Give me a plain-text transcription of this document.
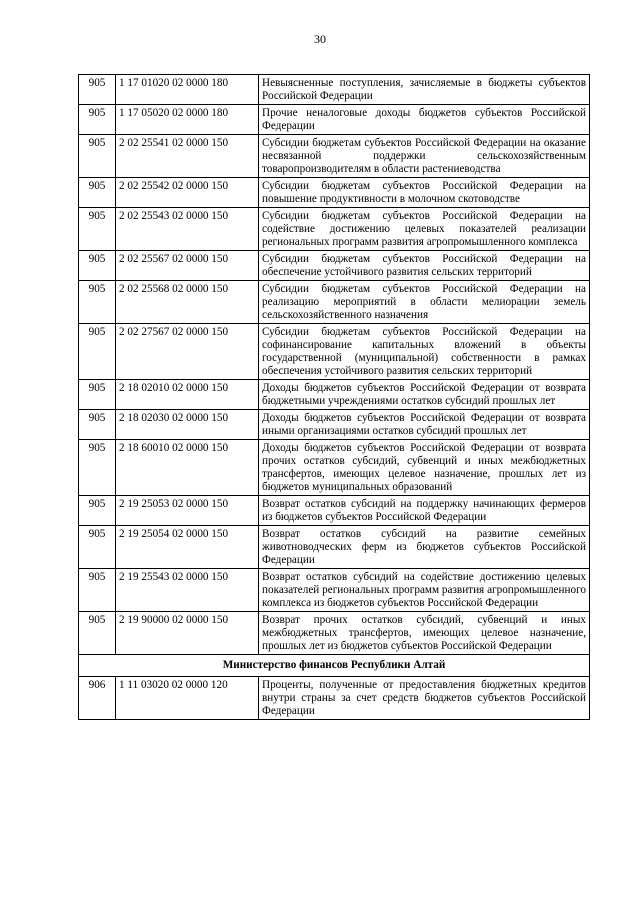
30
905	1 17 01020 02 0000 180	Невыясненные поступления, зачисляемые в бюджеты субъектов Российской Федерации
905	1 17 05020 02 0000 180	Прочие неналоговые доходы бюджетов субъектов Российской Федерации
905	2 02 25541 02 0000 150	Субсидии бюджетам субъектов Российской Федерации на оказание несвязанной поддержки сельскохозяйственным товаропроизводителям в области растениеводства
905	2 02 25542 02 0000 150	Субсидии бюджетам субъектов Российской Федерации на повышение продуктивности в молочном скотоводстве
905	2 02 25543 02 0000 150	Субсидии бюджетам субъектов Российской Федерации на содействие достижению целевых показателей реализации региональных программ развития агропромышленного комплекса
905	2 02 25567 02 0000 150	Субсидии бюджетам субъектов Российской Федерации на обеспечение устойчивого развития сельских территорий
905	2 02 25568 02 0000 150	Субсидии бюджетам субъектов Российской Федерации на реализацию мероприятий в области мелиорации земель сельскохозяйственного назначения
905	2 02 27567 02 0000 150	Субсидии бюджетам субъектов Российской Федерации на софинансирование капитальных вложений в объекты государственной (муниципальной) собственности в рамках обеспечения устойчивого развития сельских территорий
905	2 18 02010 02 0000 150	Доходы бюджетов субъектов Российской Федерации от возврата бюджетными учреждениями остатков субсидий прошлых лет
905	2 18 02030 02 0000 150	Доходы бюджетов субъектов Российской Федерации от возврата иными организациями остатков субсидий прошлых лет
905	2 18 60010 02 0000 150	Доходы бюджетов субъектов Российской Федерации от возврата прочих остатков субсидий, субвенций и иных межбюджетных трансфертов, имеющих целевое назначение, прошлых лет из бюджетов муниципальных образований
905	2 19 25053 02 0000 150	Возврат остатков субсидий на поддержку начинающих фермеров из бюджетов субъектов Российской Федерации
905	2 19 25054 02 0000 150	Возврат остатков субсидий на развитие семейных животноводческих ферм из бюджетов субъектов Российской Федерации
905	2 19 25543 02 0000 150	Возврат остатков субсидий на содействие достижению целевых показателей региональных программ развития агропромышленного комплекса из бюджетов субъектов Российской Федерации
905	2 19 90000 02 0000 150	Возврат прочих остатков субсидий, субвенций и иных межбюджетных трансфертов, имеющих целевое назначение, прошлых лет из бюджетов субъектов Российской Федерации
Министерство финансов Республики Алтай		
906	1 11 03020 02 0000 120	Проценты, полученные от предоставления бюджетных кредитов внутри страны за счет средств бюджетов субъектов Российской Федерации
